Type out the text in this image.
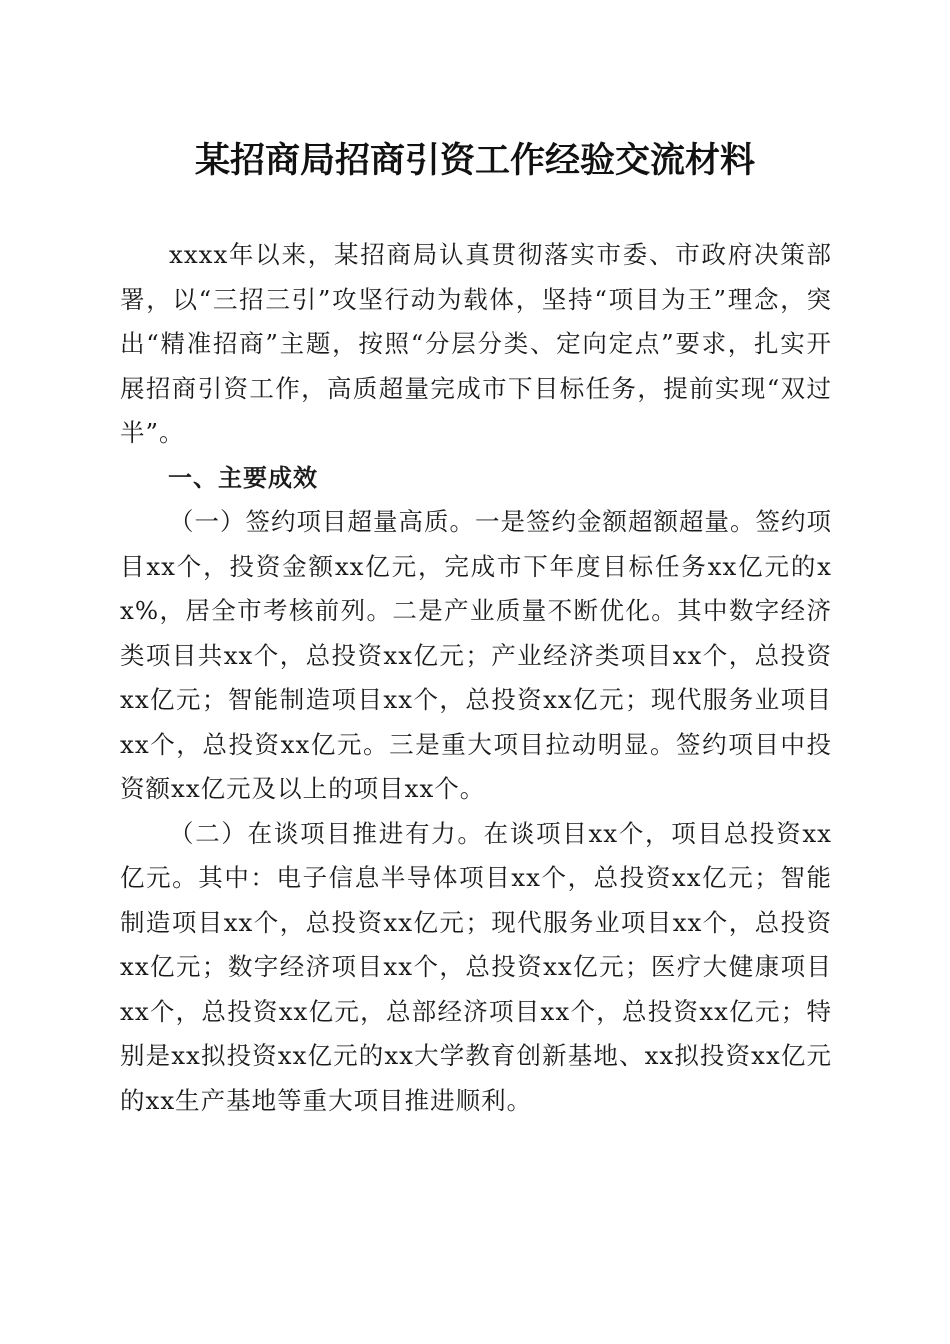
某招商局招商引资工作经验交流材料

xxxx年以来，某招商局认真贯彻落实市委、市政府决策部署，以“三招三引”攻坚行动为载体，坚持“项目为王”理念，突出“精准招商”主题，按照“分层分类、定向定点”要求，扎实开展招商引资工作，高质超量完成市下目标任务，提前实现“双过半”。

一、主要成效

（一）签约项目超量高质。一是签约金额超额超量。签约项目xx个，投资金额xx亿元，完成市下年度目标任务xx亿元的xx%，居全市考核前列。二是产业质量不断优化。其中数字经济类项目共xx个，总投资xx亿元；产业经济类项目xx个，总投资xx亿元；智能制造项目xx个，总投资xx亿元；现代服务业项目xx个，总投资xx亿元。三是重大项目拉动明显。签约项目中投资额xx亿元及以上的项目xx个。

（二）在谈项目推进有力。在谈项目xx个，项目总投资xx亿元。其中：电子信息半导体项目xx个，总投资xx亿元；智能制造项目xx个，总投资xx亿元；现代服务业项目xx个，总投资xx亿元；数字经济项目xx个，总投资xx亿元；医疗大健康项目xx个，总投资xx亿元，总部经济项目xx个，总投资xx亿元；特别是xx拟投资xx亿元的xx大学教育创新基地、xx拟投资xx亿元的xx生产基地等重大项目推进顺利。
